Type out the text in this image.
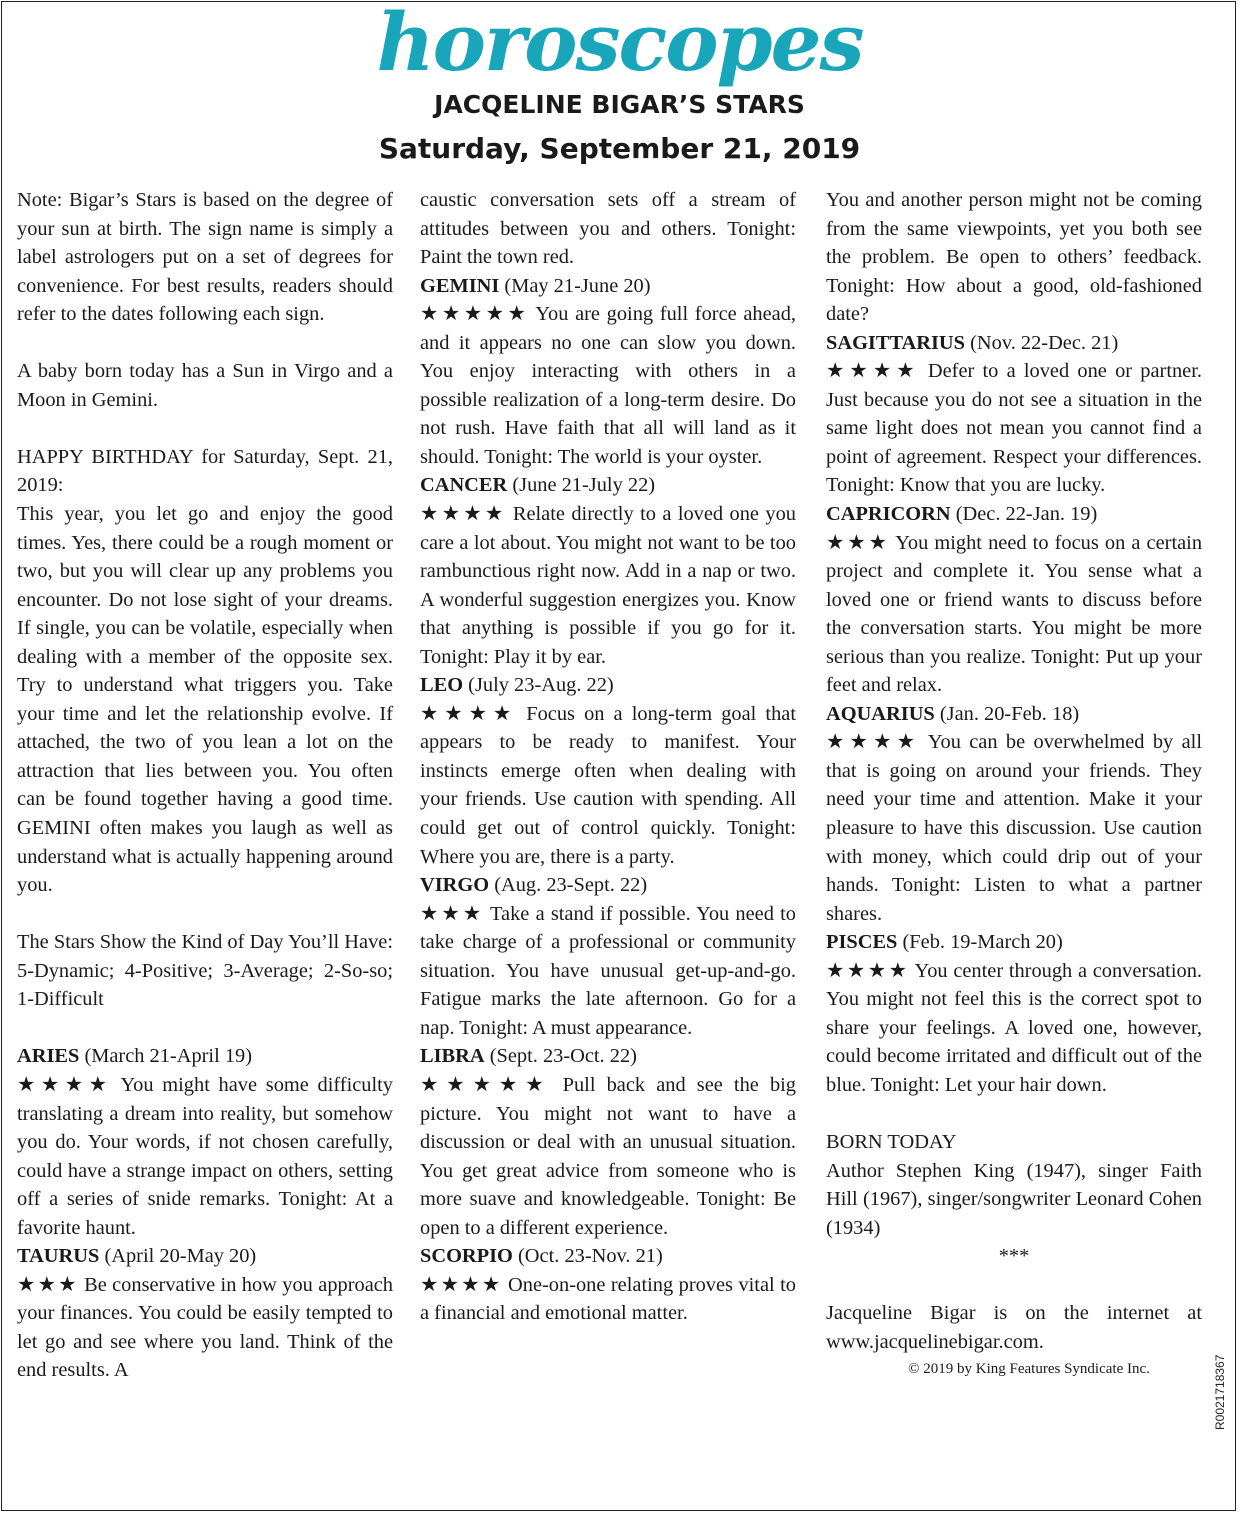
horoscopes
JACQELINE BIGAR’S STARS
Saturday, September 21, 2019

Note: Bigar’s Stars is based on the degree of your sun at birth. The sign name is simply a label astrologers put on a set of degrees for convenience. For best results, readers should refer to the dates following each sign.

A baby born today has a Sun in Virgo and a Moon in Gemini.

HAPPY BIRTHDAY for Saturday, Sept. 21, 2019:

This year, you let go and enjoy the good times. Yes, there could be a rough moment or two, but you will clear up any problems you encounter. Do not lose sight of your dreams. If single, you can be volatile, especially when dealing with a member of the opposite sex. Try to understand what triggers you. Take your time and let the relationship evolve. If attached, the two of you lean a lot on the attraction that lies between you. You often can be found together having a good time. GEMINI often makes you laugh as well as understand what is actually happening around you.

The Stars Show the Kind of Day You’ll Have: 5-Dynamic; 4-Positive; 3-Average; 2-So-so; 1-Difficult

ARIES (March 21-April 19)

★★★★ You might have some difficulty translating a dream into reality, but somehow you do. Your words, if not chosen carefully, could have a strange impact on others, setting off a series of snide remarks. Tonight: At a favorite haunt.

TAURUS (April 20-May 20)

★★★ Be conservative in how you approach your finances. You could be easily tempted to let go and see where you land. Think of the end results. A

caustic conversation sets off a stream of attitudes between you and others. Tonight: Paint the town red.

GEMINI (May 21-June 20)

★★★★★ You are going full force ahead, and it appears no one can slow you down. You enjoy interacting with others in a possible realization of a long-term desire. Do not rush. Have faith that all will land as it should. Tonight: The world is your oyster.

CANCER (June 21-July 22)

★★★★ Relate directly to a loved one you care a lot about. You might not want to be too rambunctious right now. Add in a nap or two. A wonderful suggestion energizes you. Know that anything is possible if you go for it. Tonight: Play it by ear.

LEO (July 23-Aug. 22)

★★★★ Focus on a long-term goal that appears to be ready to manifest. Your instincts emerge often when dealing with your friends. Use caution with spending. All could get out of control quickly. Tonight: Where you are, there is a party.

VIRGO (Aug. 23-Sept. 22)

★★★ Take a stand if possible. You need to take charge of a professional or community situation. You have unusual get-up-and-go. Fatigue marks the late afternoon. Go for a nap. Tonight: A must appearance.

LIBRA (Sept. 23-Oct. 22)

★★★★★ Pull back and see the big picture. You might not want to have a discussion or deal with an unusual situation. You get great advice from someone who is more suave and knowledgeable. Tonight: Be open to a different experience.

SCORPIO (Oct. 23-Nov. 21)

★★★★ One-on-one relating proves vital to a financial and emotional matter.

You and another person might not be coming from the same viewpoints, yet you both see the problem. Be open to others’ feedback. Tonight: How about a good, old-fashioned date?

SAGITTARIUS (Nov. 22-Dec. 21)

★★★★ Defer to a loved one or partner. Just because you do not see a situation in the same light does not mean you cannot find a point of agreement. Respect your differences. Tonight: Know that you are lucky.

CAPRICORN (Dec. 22-Jan. 19)

★★★ You might need to focus on a certain project and complete it. You sense what a loved one or friend wants to discuss before the conversation starts. You might be more serious than you realize. Tonight: Put up your feet and relax.

AQUARIUS (Jan. 20-Feb. 18)

★★★★ You can be overwhelmed by all that is going on around your friends. They need your time and attention. Make it your pleasure to have this discussion. Use caution with money, which could drip out of your hands. Tonight: Listen to what a partner shares.

PISCES (Feb. 19-March 20)

★★★★ You center through a conversation. You might not feel this is the correct spot to share your feelings. A loved one, however, could become irritated and difficult out of the blue. Tonight: Let your hair down.

BORN TODAY

Author Stephen King (1947), singer Faith Hill (1967), singer/songwriter Leonard Cohen (1934)

***

Jacqueline Bigar is on the internet at www.jacquelinebigar.com.

© 2019 by King Features Syndicate Inc.	R0021718367
